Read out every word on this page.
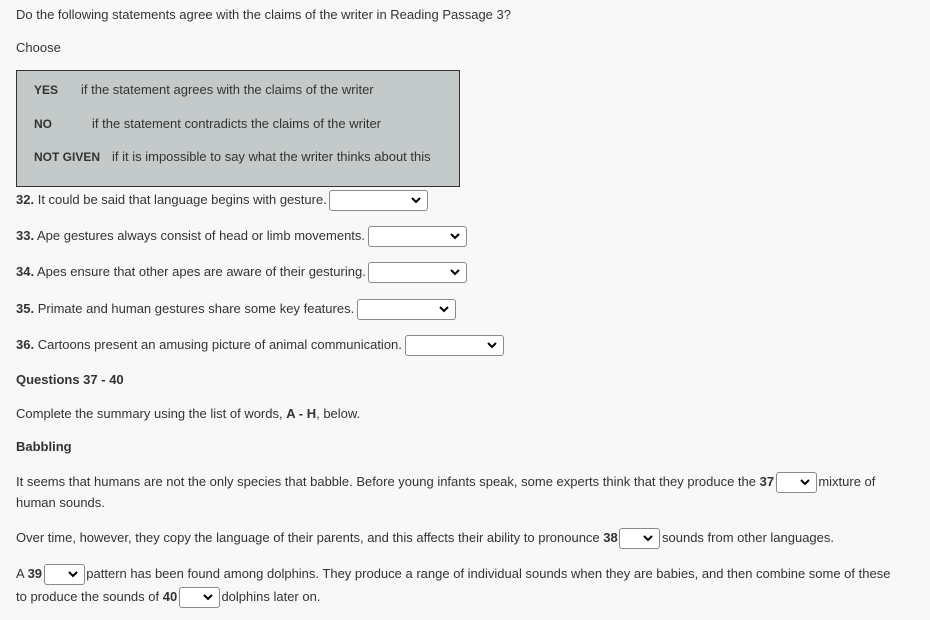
Do the following statements agree with the claims of the writer in Reading Passage 3?
Choose
YES if the statement agrees with the claims of the writer
NO	if the statement contradicts the claims of the writer
NOT GIVEN if it is impossible to say what the writer thinks about this
32. It could be said that language begins with gesture.
33. Ape gestures always consist of head or limb movements.
34. Apes ensure that other apes are aware of their gesturing.
35. Primate and human gestures share some key features.
36. Cartoons present an amusing picture of animal communication.
Questions 37 - 40
Complete the summary using the list of words, A - H, below.
Babbling
It seems that humans are not the only species that babble. Before young infants speak, some experts think that they produce the 37	mixture of
human sounds.
Over time, however, they copy the language of their parents, and this affects their ability to pronounce 38	sounds from other languages.
A 39	pattern has been found among dolphins. They produce a range of individual sounds when they are babies, and then combine some of these
to produce the sounds of 40	dolphins later on.
